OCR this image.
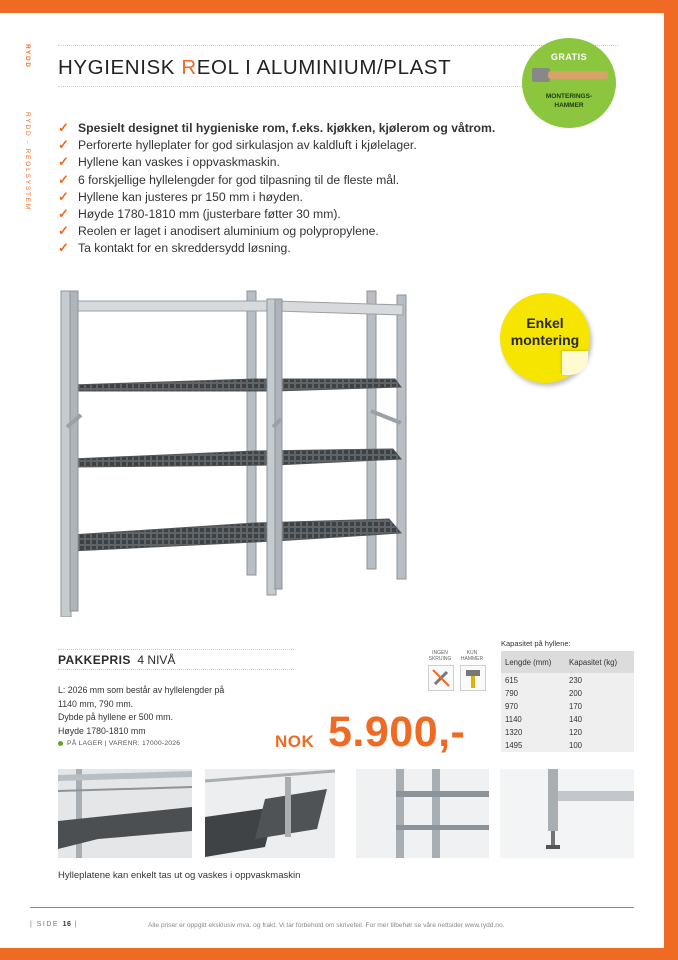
RYDD
RYDD - REOLSYSTEM
HYGIENISK REOL I ALUMINIUM/PLAST	GRATIS
MONTERINGS-
HAMMER
✓ Spesielt designet til hygieniske rom, f.eks. kjøkken, kjølerom og våtrom.
✓ Perforerte hylleplater for god sirkulasjon av kaldluft i kjølelager.
✓ Hyllene kan vaskes i oppvaskmaskin.
✓ 6 forskjellige hyllelengder for god tilpasning til de fleste mål.
✓ Hyllene kan justeres pr 150 mm i høyden.
✓ Høyde 1780-1810 mm (justerbare føtter 30 mm).
✓ Reolen er laget i anodisert aluminium og polypropylene.
✓ Ta kontakt for en skreddersydd løsning.
Enkel
montering
PAKKEPRIS 4 NIVÅ
L: 2026 mm som består av hyllelengder på
1140 mm, 790 mm.
Dybde på hyllene er 500 mm.
Høyde 1780-1810 mm
PÅ LAGER | VARENR: 17000-2026	NOK 5.900,-
INGEN
SKRUING
KUN
HAMMER
Kapasitet på hyllene:
Lengde (mm) Kapasitet (kg)
615	230
790	200
970	170
1140	140
1320	120
1495	100
Hylleplatene kan enkelt tas ut og vaskes i oppvaskmaskin
| SIDE 16 |	Alle priser er oppgitt eksklusiv mva. og frakt. Vi tar forbehold om skrivefeil. For mer tilbehør se våre nettsider www.rydd.no.
